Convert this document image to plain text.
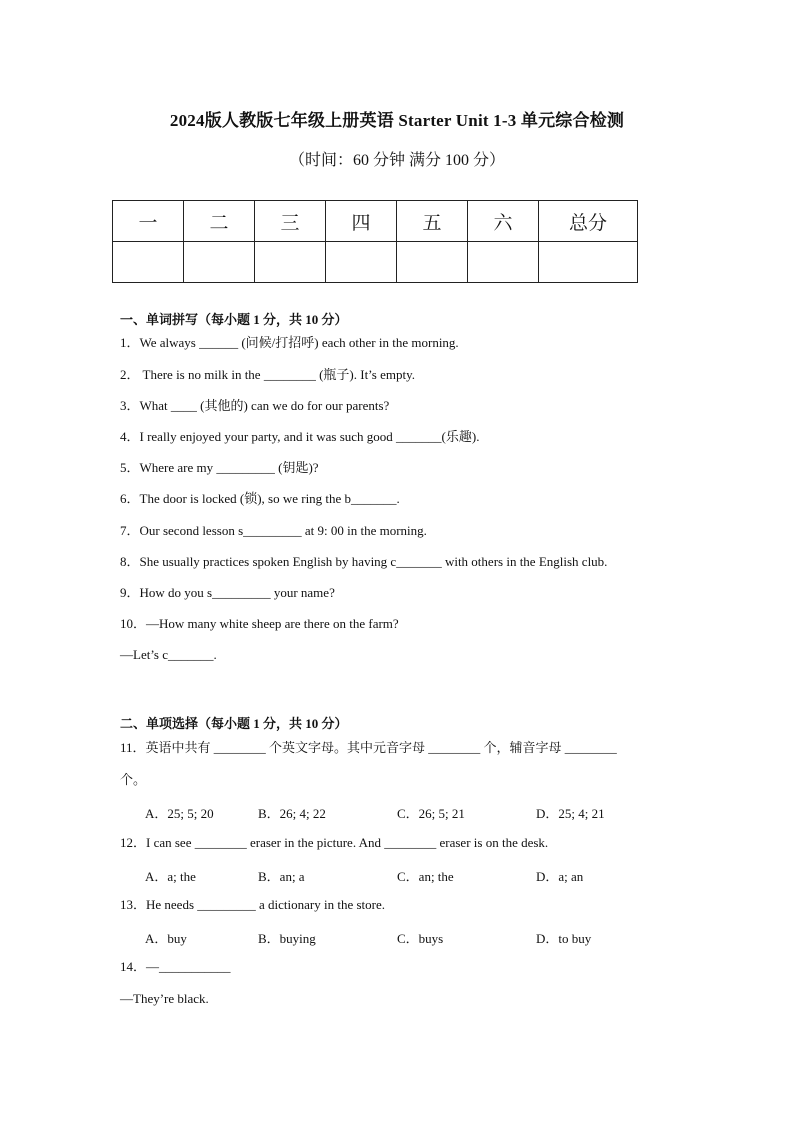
2024版人教版七年级上册英语 Starter Unit 1-3 单元综合检测
（时间：60 分钟 满分 100 分）
一	二	三	四	五	六	总分

一、单词拼写（每小题 1 分，共 10 分）
1．We always ______ (问候/打招呼) each other in the morning.
2． There is no milk in the ________ (瓶子). It’s empty.
3．What ____ (其他的) can we do for our parents?
4．I really enjoyed your party, and it was such good _______(乐趣).
5．Where are my _________ (钥匙)?
6．The door is locked (锁), so we ring the b_______.
7．Our second lesson s_________ at 9: 00 in the morning.
8．She usually practices spoken English by having c_______ with others in the English club.
9．How do you s_________ your name?
10．—How many white sheep are there on the farm?
—Let’s c_______.
二、单项选择（每小题 1 分，共 10 分）
11．英语中共有 ________ 个英文字母。其中元音字母 ________ 个，辅音字母 ________
个。
A．25; 5; 20	B．26; 4; 22	C．26; 5; 21	D．25; 4; 21
12．I can see ________ eraser in the picture. And ________ eraser is on the desk.
A．a; the	B．an; a	C．an; the	D．a; an
13．He needs _________ a dictionary in the store.
A．buy	B．buying	C．buys	D．to buy
14．—___________
—They’re black.
